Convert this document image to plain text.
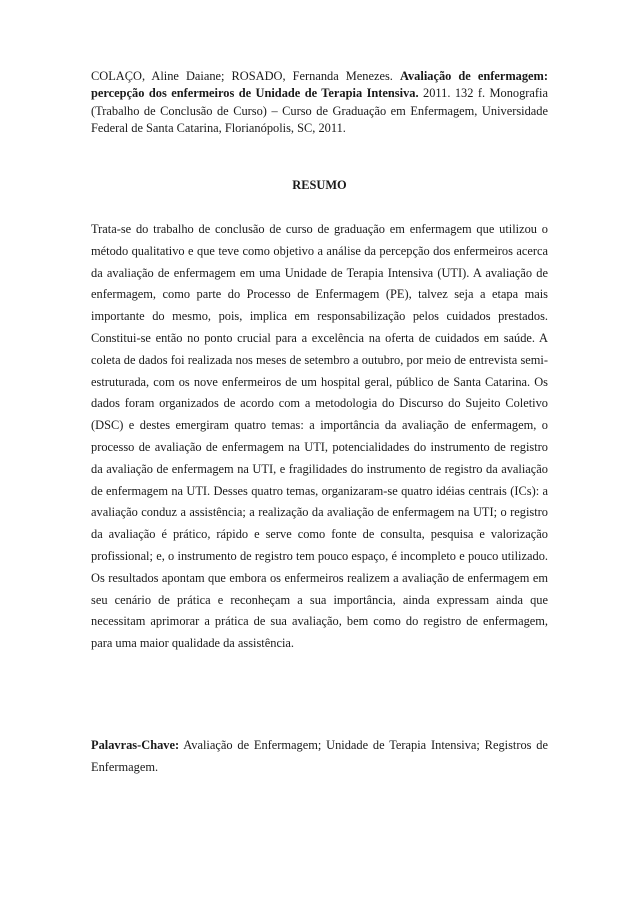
COLAÇO, Aline Daiane; ROSADO, Fernanda Menezes. Avaliação de enfermagem: percepção dos enfermeiros de Unidade de Terapia Intensiva. 2011. 132 f. Monografia (Trabalho de Conclusão de Curso) – Curso de Graduação em Enfermagem, Universidade Federal de Santa Catarina, Florianópolis, SC, 2011.

RESUMO

Trata-se do trabalho de conclusão de curso de graduação em enfermagem que utilizou o método qualitativo e que teve como objetivo a análise da percepção dos enfermeiros acerca da avaliação de enfermagem em uma Unidade de Terapia Intensiva (UTI). A avaliação de enfermagem, como parte do Processo de Enfermagem (PE), talvez seja a etapa mais importante do mesmo, pois, implica em responsabilização pelos cuidados prestados. Constitui-se então no ponto crucial para a excelência na oferta de cuidados em saúde. A coleta de dados foi realizada nos meses de setembro a outubro, por meio de entrevista semi-estruturada, com os nove enfermeiros de um hospital geral, público de Santa Catarina. Os dados foram organizados de acordo com a metodologia do Discurso do Sujeito Coletivo (DSC) e destes emergiram quatro temas: a importância da avaliação de enfermagem, o processo de avaliação de enfermagem na UTI, potencialidades do instrumento de registro da avaliação de enfermagem na UTI, e fragilidades do instrumento de registro da avaliação de enfermagem na UTI. Desses quatro temas, organizaram-se quatro idéias centrais (ICs): a avaliação conduz a assistência; a realização da avaliação de enfermagem na UTI; o registro da avaliação é prático, rápido e serve como fonte de consulta, pesquisa e valorização profissional; e, o instrumento de registro tem pouco espaço, é incompleto e pouco utilizado. Os resultados apontam que embora os enfermeiros realizem a avaliação de enfermagem em seu cenário de prática e reconheçam a sua importância, ainda expressam ainda que necessitam aprimorar a prática de sua avaliação, bem como do registro de enfermagem, para uma maior qualidade da assistência.

Palavras-Chave: Avaliação de Enfermagem; Unidade de Terapia Intensiva; Registros de Enfermagem.
